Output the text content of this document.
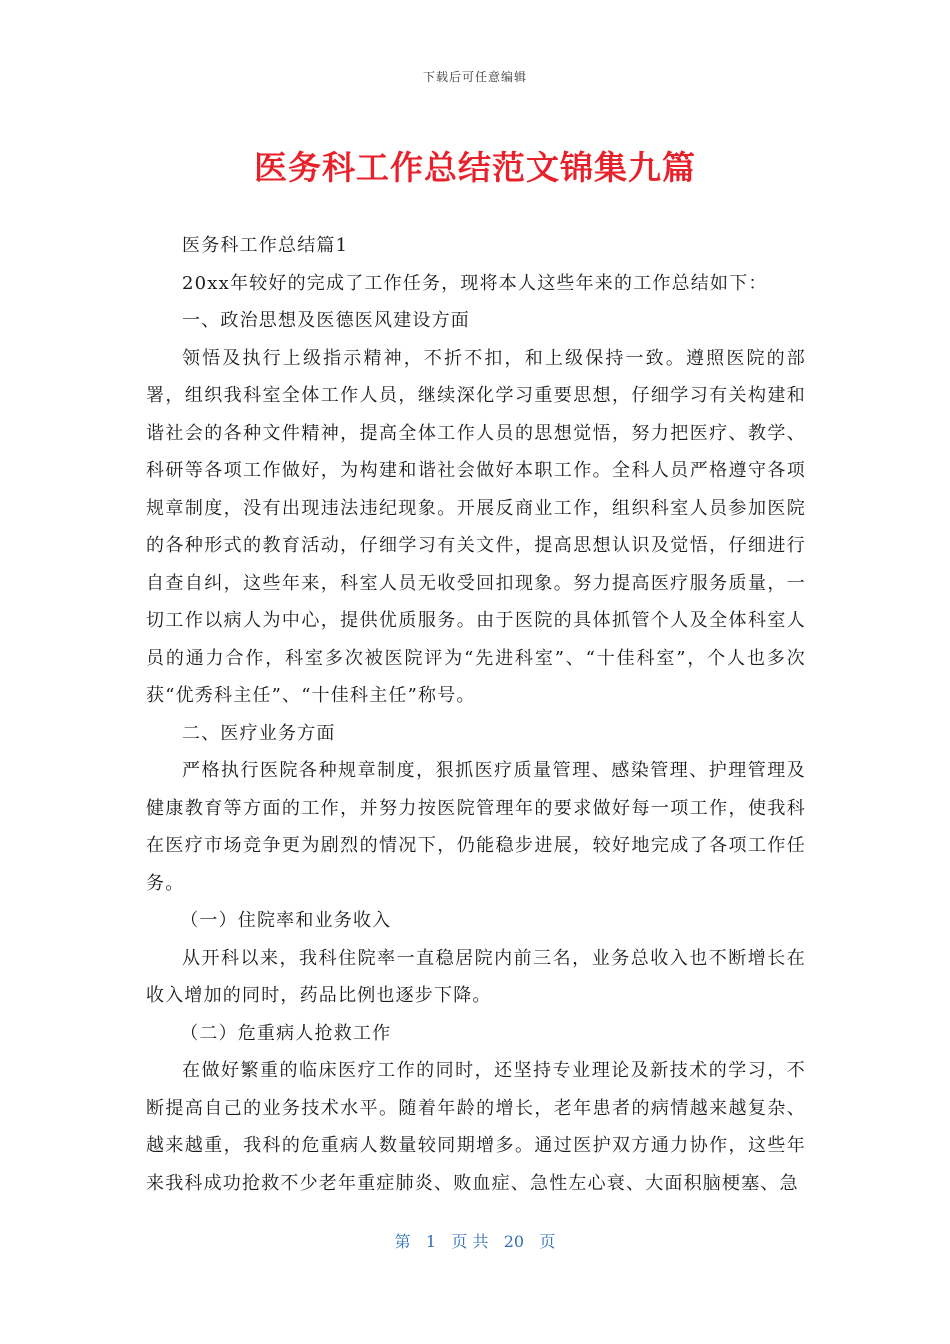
下载后可任意编辑
医务科工作总结范文锦集九篇

医务科工作总结篇1

20xx年较好的完成了工作任务，现将本人这些年来的工作总结如下：

一、政治思想及医德医风建设方面

领悟及执行上级指示精神，不折不扣，和上级保持一致。遵照医院的部署，组织我科室全体工作人员，继续深化学习重要思想，仔细学习有关构建和谐社会的各种文件精神，提高全体工作人员的思想觉悟，努力把医疗、教学、科研等各项工作做好，为构建和谐社会做好本职工作。全科人员严格遵守各项规章制度，没有出现违法违纪现象。开展反商业工作，组织科室人员参加医院的各种形式的教育活动，仔细学习有关文件，提高思想认识及觉悟，仔细进行自查自纠，这些年来，科室人员无收受回扣现象。努力提高医疗服务质量，一切工作以病人为中心，提供优质服务。由于医院的具体抓管个人及全体科室人员的通力合作，科室多次被医院评为“先进科室”、“十佳科室”，个人也多次获“优秀科主任”、“十佳科主任”称号。

二、医疗业务方面

严格执行医院各种规章制度，狠抓医疗质量管理、感染管理、护理管理及健康教育等方面的工作，并努力按医院管理年的要求做好每一项工作，使我科在医疗市场竞争更为剧烈的情况下，仍能稳步进展，较好地完成了各项工作任务。

（一）住院率和业务收入

从开科以来，我科住院率一直稳居院内前三名，业务总收入也不断增长在收入增加的同时，药品比例也逐步下降。

（二）危重病人抢救工作

在做好繁重的临床医疗工作的同时，还坚持专业理论及新技术的学习，不断提高自己的业务技术水平。随着年龄的增长，老年患者的病情越来越复杂、越来越重，我科的危重病人数量较同期增多。通过医护双方通力协作，这些年来我科成功抢救不少老年重症肺炎、败血症、急性左心衰、大面积脑梗塞、急

第 1 页 共 20 页
